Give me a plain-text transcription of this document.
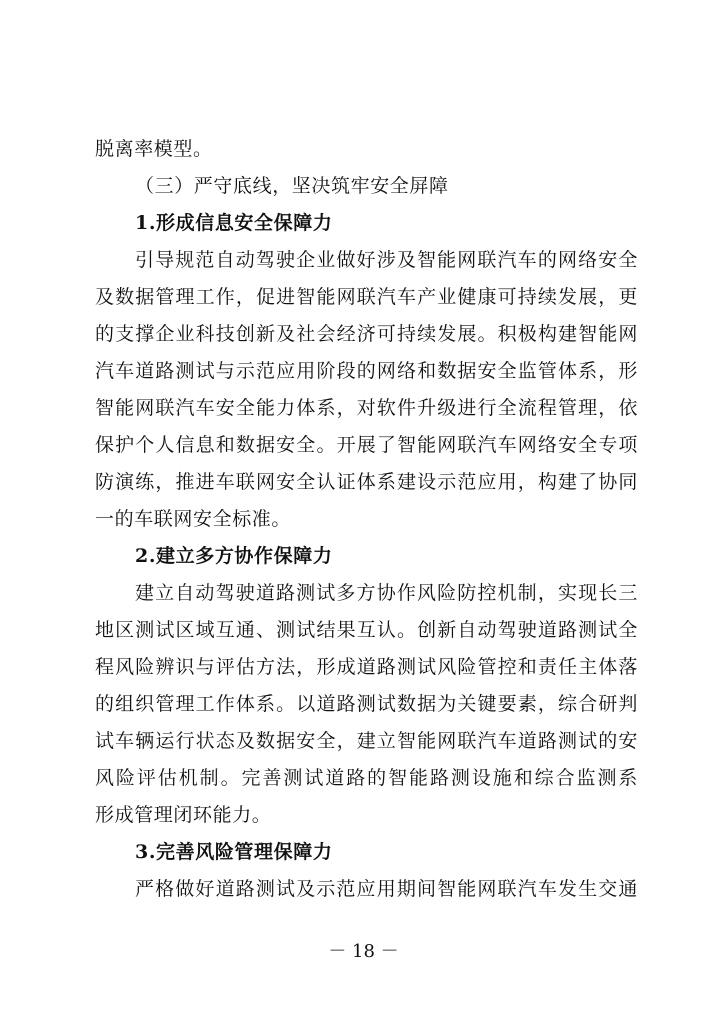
脱离率模型。
（三）严守底线，坚决筑牢安全屏障
1.形成信息安全保障力
引导规范自动驾驶企业做好涉及智能网联汽车的网络安全
及数据管理工作，促进智能网联汽车产业健康可持续发展，更
的支撑企业科技创新及社会经济可持续发展。积极构建智能网
汽车道路测试与示范应用阶段的网络和数据安全监管体系，形
智能网联汽车安全能力体系，对软件升级进行全流程管理，依
保护个人信息和数据安全。开展了智能网联汽车网络安全专项
防演练，推进车联网安全认证体系建设示范应用，构建了协同
一的车联网安全标准。
2.建立多方协作保障力
建立自动驾驶道路测试多方协作风险防控机制，实现长三
地区测试区域互通、测试结果互认。创新自动驾驶道路测试全
程风险辨识与评估方法，形成道路测试风险管控和责任主体落
的组织管理工作体系。以道路测试数据为关键要素，综合研判
试车辆运行状态及数据安全，建立智能网联汽车道路测试的安
风险评估机制。完善测试道路的智能路测设施和综合监测系
形成管理闭环能力。
3.完善风险管理保障力
严格做好道路测试及示范应用期间智能网联汽车发生交通
－ 18 －
